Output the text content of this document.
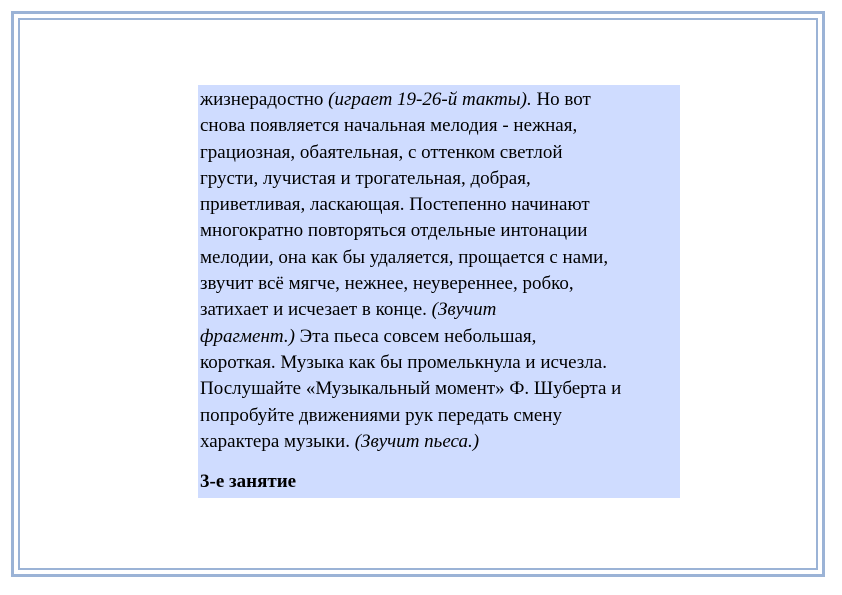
жизнерадостно (играет 19-26-й такты). Но вот
снова появляется начальная мелодия - нежная,
грациозная, обаятельная, с оттенком светлой
грусти, лучистая и трогательная, добрая,
приветливая, ласкающая. Постепенно начинают
многократно повторяться отдельные интонации
мелодии, она как бы удаляется, прощается с нами,
звучит всё мягче, нежнее, неувереннее, робко,
затихает и исчезает в конце. (Звучит
фрагмент.) Эта пьеса совсем небольшая,
короткая. Музыка как бы промелькнула и исчезла.
Послушайте «Музыкальный момент» Ф. Шуберта и
попробуйте движениями рук передать смену
характера музыки. (Звучит пьеса.)
3-е занятие
